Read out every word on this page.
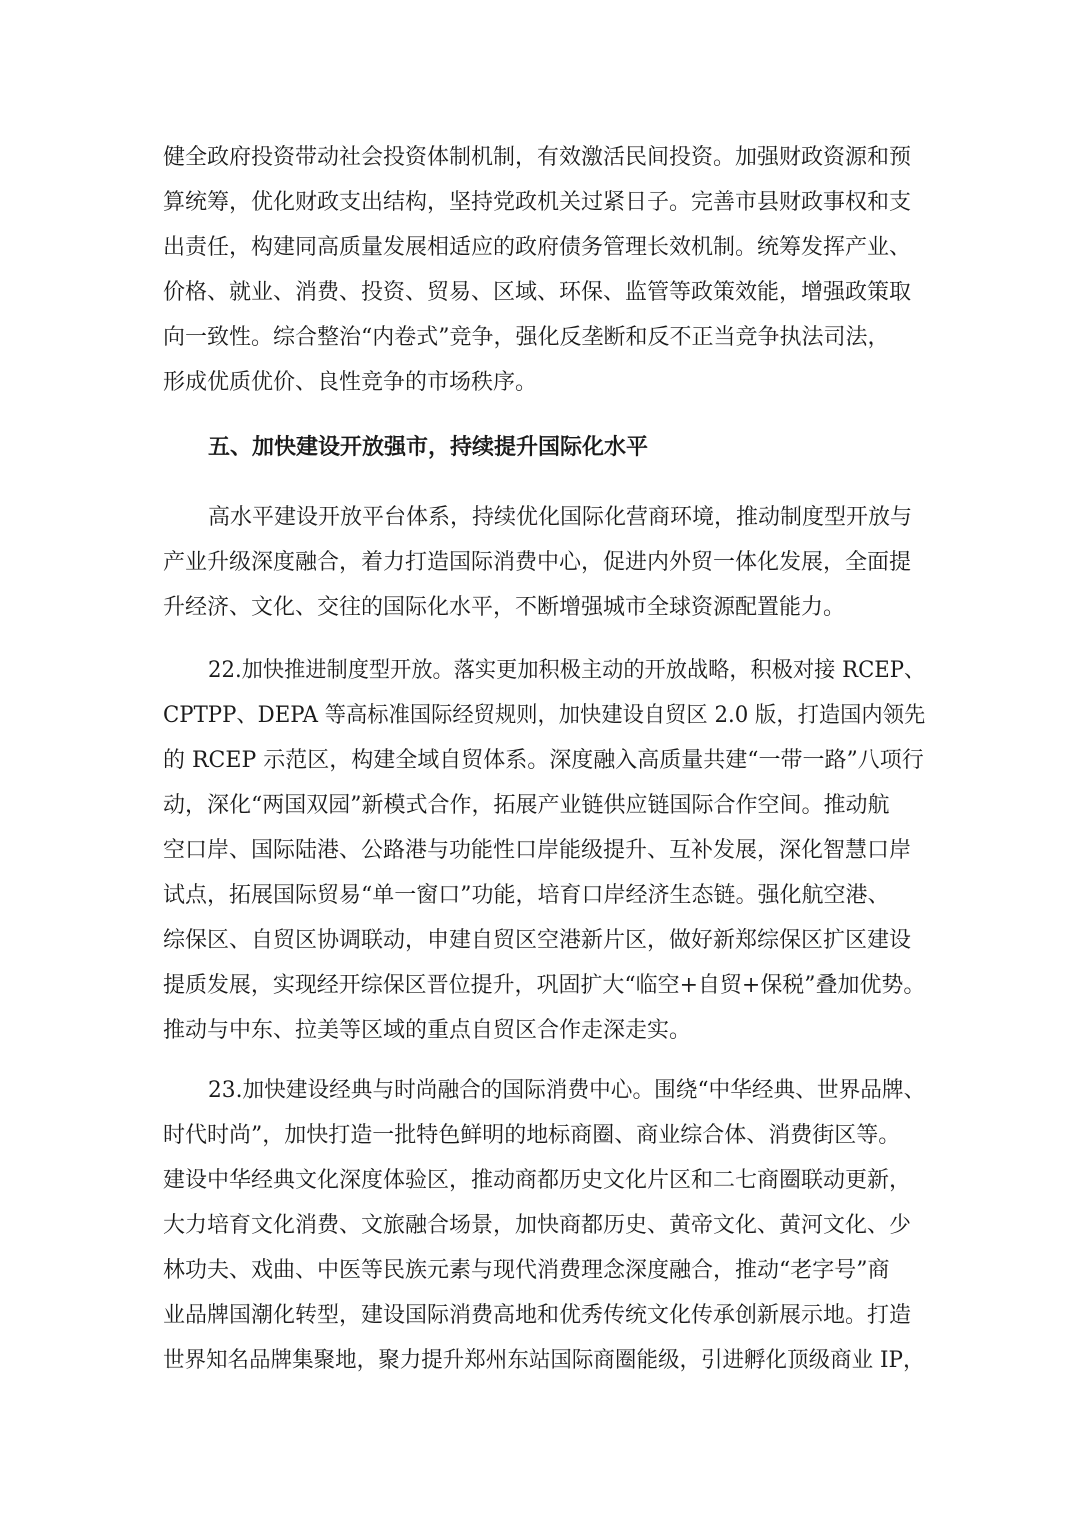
健全政府投资带动社会投资体制机制，有效激活民间投资。加强财政资源和预
算统筹，优化财政支出结构，坚持党政机关过紧日子。完善市县财政事权和支
出责任，构建同高质量发展相适应的政府债务管理长效机制。统筹发挥产业、
价格、就业、消费、投资、贸易、区域、环保、监管等政策效能，增强政策取
向一致性。综合整治“内卷式”竞争，强化反垄断和反不正当竞争执法司法，
形成优质优价、良性竞争的市场秩序。
五、加快建设开放强市，持续提升国际化水平
高水平建设开放平台体系，持续优化国际化营商环境，推动制度型开放与
产业升级深度融合，着力打造国际消费中心，促进内外贸一体化发展，全面提
升经济、文化、交往的国际化水平，不断增强城市全球资源配置能力。
22.加快推进制度型开放。落实更加积极主动的开放战略，积极对接 RCEP、
CPTPP、DEPA 等高标准国际经贸规则，加快建设自贸区 2.0 版，打造国内领先
的 RCEP 示范区，构建全域自贸体系。深度融入高质量共建“一带一路”八项行
动，深化“两国双园”新模式合作，拓展产业链供应链国际合作空间。推动航
空口岸、国际陆港、公路港与功能性口岸能级提升、互补发展，深化智慧口岸
试点，拓展国际贸易“单一窗口”功能，培育口岸经济生态链。强化航空港、
综保区、自贸区协调联动，申建自贸区空港新片区，做好新郑综保区扩区建设
提质发展，实现经开综保区晋位提升，巩固扩大“临空+自贸+保税”叠加优势。
推动与中东、拉美等区域的重点自贸区合作走深走实。
23.加快建设经典与时尚融合的国际消费中心。围绕“中华经典、世界品牌、
时代时尚”，加快打造一批特色鲜明的地标商圈、商业综合体、消费街区等。
建设中华经典文化深度体验区，推动商都历史文化片区和二七商圈联动更新，
大力培育文化消费、文旅融合场景，加快商都历史、黄帝文化、黄河文化、少
林功夫、戏曲、中医等民族元素与现代消费理念深度融合，推动“老字号”商
业品牌国潮化转型，建设国际消费高地和优秀传统文化传承创新展示地。打造
世界知名品牌集聚地，聚力提升郑州东站国际商圈能级，引进孵化顶级商业 IP，
